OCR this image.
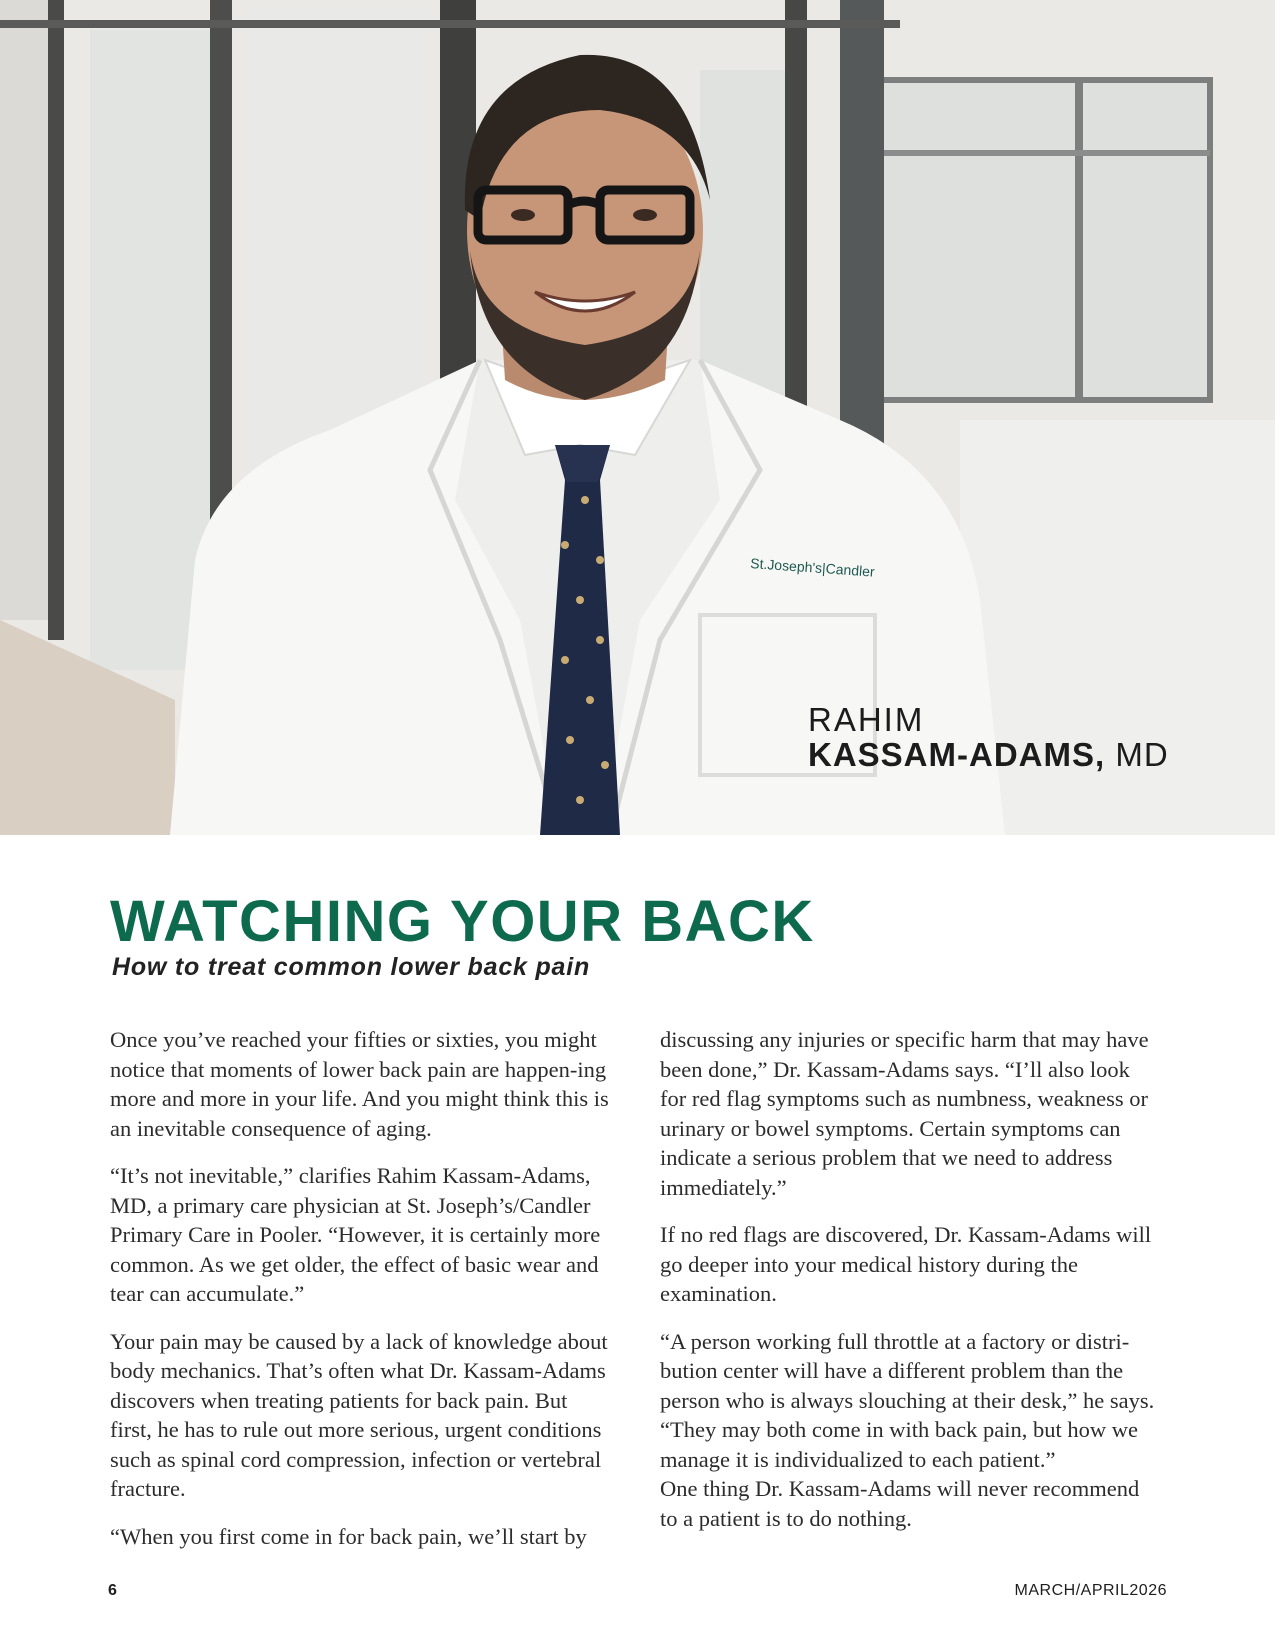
St.Joseph's|Candler
RAHIM
KASSAM-ADAMS, MD
WATCHING YOUR BACK
How to treat common lower back pain

Once you’ve reached your fifties or sixties, you might notice that moments of lower back pain are happen-ing more and more in your life. And you might think this is an inevitable consequence of aging.

“It’s not inevitable,” clarifies Rahim Kassam-Adams, MD, a primary care physician at St. Joseph’s/Candler Primary Care in Pooler. “However, it is certainly more common. As we get older, the effect of basic wear and tear can accumulate.”

Your pain may be caused by a lack of knowledge about body mechanics. That’s often what Dr. Kassam-Adams discovers when treating patients for back pain. But first, he has to rule out more serious, urgent conditions such as spinal cord compression, infection or vertebral fracture.

“When you first come in for back pain, we’ll start by

discussing any injuries or specific harm that may have been done,” Dr. Kassam-Adams says. “I’ll also look for red flag symptoms such as numbness, weakness or urinary or bowel symptoms. Certain symptoms can indicate a serious problem that we need to address immediately.”

If no red flags are discovered, Dr. Kassam-Adams will go deeper into your medical history during the examination.

“A person working full throttle at a factory or distri-bution center will have a different problem than the person who is always slouching at their desk,” he says. “They may both come in with back pain, but how we manage it is individualized to each patient.”

One thing Dr. Kassam-Adams will never recommend to a patient is to do nothing.

6	MARCH/APRIL2026
